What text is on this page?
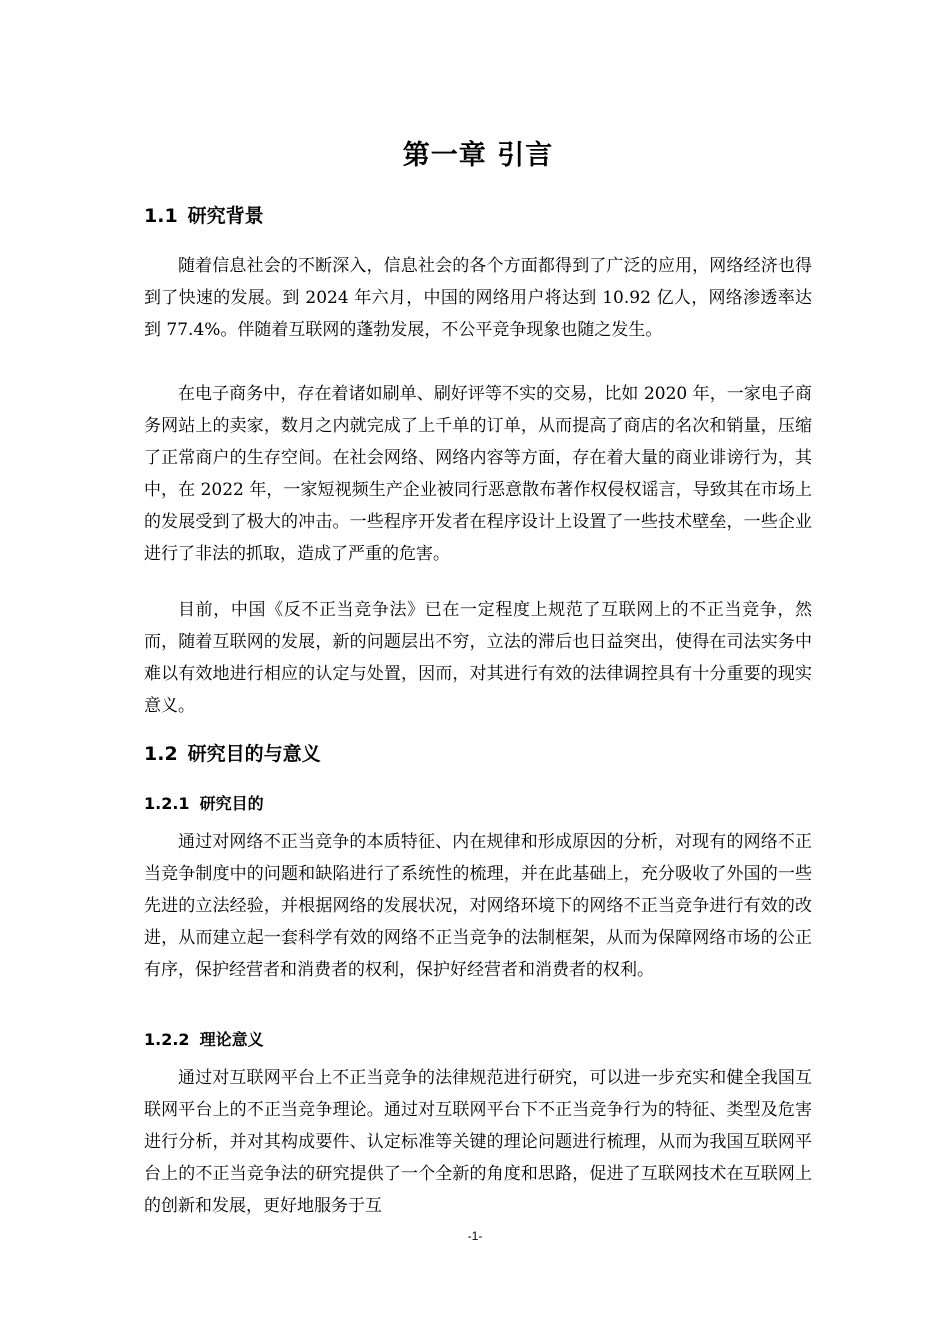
第一章 引言
1.1 研究背景
随着信息社会的不断深入，信息社会的各个方面都得到了广泛的应用，网络经济也得到了快速的发展。到 2024 年六月，中国的网络用户将达到 10.92 亿人，网络渗透率达到 77.4%。伴随着互联网的蓬勃发展，不公平竞争现象也随之发生。
在电子商务中，存在着诸如刷单、刷好评等不实的交易，比如 2020 年，一家电子商务网站上的卖家，数月之内就完成了上千单的订单，从而提高了商店的名次和销量，压缩了正常商户的生存空间。在社会网络、网络内容等方面，存在着大量的商业诽谤行为，其中，在 2022 年，一家短视频生产企业被同行恶意散布著作权侵权谣言，导致其在市场上的发展受到了极大的冲击。一些程序开发者在程序设计上设置了一些技术壁垒，一些企业进行了非法的抓取，造成了严重的危害。
目前，中国《反不正当竞争法》已在一定程度上规范了互联网上的不正当竞争，然而，随着互联网的发展，新的问题层出不穷，立法的滞后也日益突出，使得在司法实务中难以有效地进行相应的认定与处置，因而，对其进行有效的法律调控具有十分重要的现实意义。
1.2 研究目的与意义
1.2.1 研究目的
通过对网络不正当竞争的本质特征、内在规律和形成原因的分析，对现有的网络不正当竞争制度中的问题和缺陷进行了系统性的梳理，并在此基础上，充分吸收了外国的一些先进的立法经验，并根据网络的发展状况，对网络环境下的网络不正当竞争进行有效的改进，从而建立起一套科学有效的网络不正当竞争的法制框架，从而为保障网络市场的公正有序，保护经营者和消费者的权利，保护好经营者和消费者的权利。
1.2.2 理论意义
通过对互联网平台上不正当竞争的法律规范进行研究，可以进一步充实和健全我国互联网平台上的不正当竞争理论。通过对互联网平台下不正当竞争行为的特征、类型及危害进行分析，并对其构成要件、认定标准等关键的理论问题进行梳理，从而为我国互联网平台上的不正当竞争法的研究提供了一个全新的角度和思路，促进了互联网技术在互联网上的创新和发展，更好地服务于互
-1-
